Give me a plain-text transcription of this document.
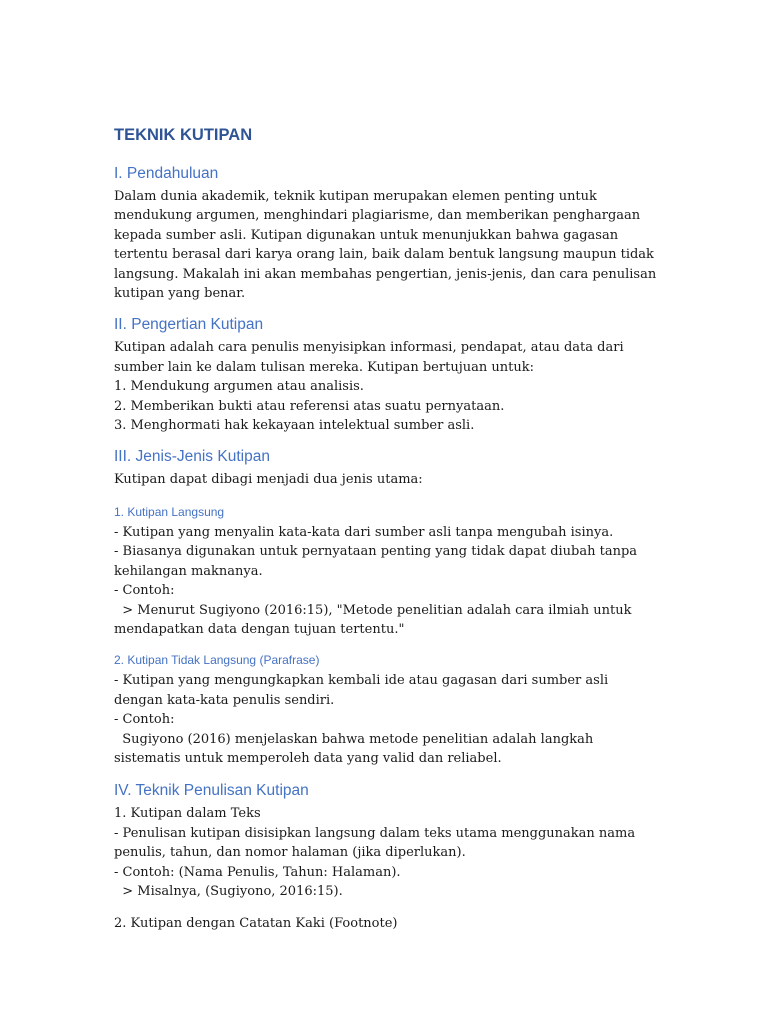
TEKNIK KUTIPAN
I. Pendahuluan

Dalam dunia akademik, teknik kutipan merupakan elemen penting untuk mendukung argumen, menghindari plagiarisme, dan memberikan penghargaan kepada sumber asli. Kutipan digunakan untuk menunjukkan bahwa gagasan tertentu berasal dari karya orang lain, baik dalam bentuk langsung maupun tidak langsung. Makalah ini akan membahas pengertian, jenis-jenis, dan cara penulisan kutipan yang benar.

II. Pengertian Kutipan

Kutipan adalah cara penulis menyisipkan informasi, pendapat, atau data dari sumber lain ke dalam tulisan mereka. Kutipan bertujuan untuk:

1. Mendukung argumen atau analisis.
2. Memberikan bukti atau referensi atas suatu pernyataan.
3. Menghormati hak kekayaan intelektual sumber asli.
III. Jenis-Jenis Kutipan

Kutipan dapat dibagi menjadi dua jenis utama:

1. Kutipan Langsung
- Kutipan yang menyalin kata-kata dari sumber asli tanpa mengubah isinya.
- Biasanya digunakan untuk pernyataan penting yang tidak dapat diubah tanpa kehilangan maknanya.
- Contoh:
> Menurut Sugiyono (2016:15), "Metode penelitian adalah cara ilmiah untuk mendapatkan data dengan tujuan tertentu."
2. Kutipan Tidak Langsung (Parafrase)
- Kutipan yang mengungkapkan kembali ide atau gagasan dari sumber asli dengan kata-kata penulis sendiri.
- Contoh:
Sugiyono (2016) menjelaskan bahwa metode penelitian adalah langkah sistematis untuk memperoleh data yang valid dan reliabel.
IV. Teknik Penulisan Kutipan
1. Kutipan dalam Teks
- Penulisan kutipan disisipkan langsung dalam teks utama menggunakan nama penulis, tahun, dan nomor halaman (jika diperlukan).
- Contoh: (Nama Penulis, Tahun: Halaman).
> Misalnya, (Sugiyono, 2016:15).
2. Kutipan dengan Catatan Kaki (Footnote)
